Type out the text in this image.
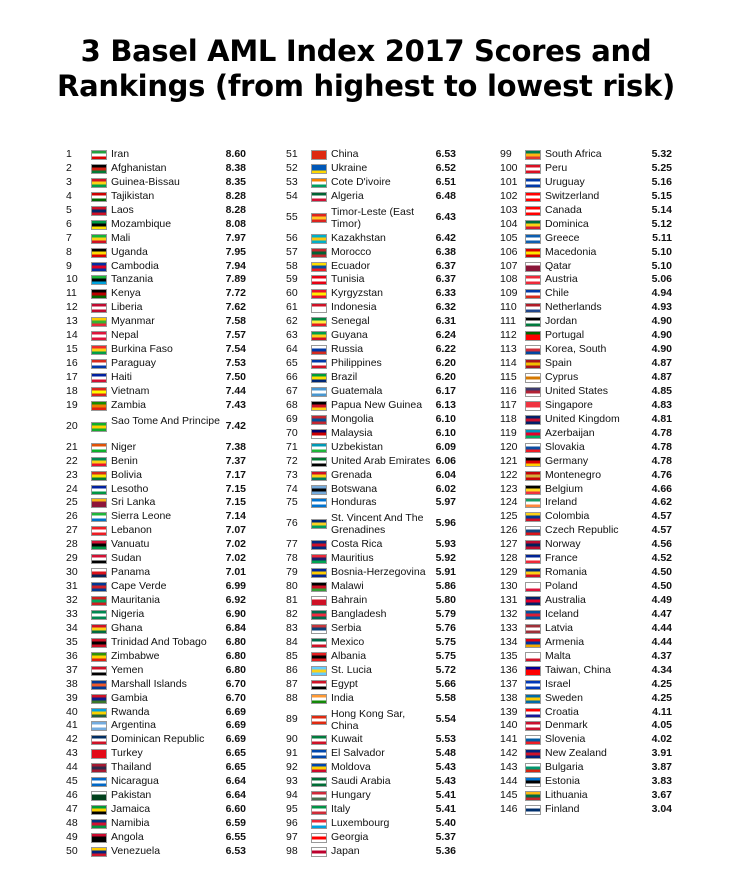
3 Basel AML Index 2017 Scores and
Rankings (from highest to lowest risk)
1	Iran	8.60
2	Afghanistan	8.38
3	Guinea-Bissau	8.35
4	Tajikistan	8.28
5	Laos	8.28
6	Mozambique	8.08
7	Mali	7.97
8	Uganda	7.95
9	Cambodia	7.94
10	Tanzania	7.89
11	Kenya	7.72
12	Liberia	7.62
13	Myanmar	7.58
14	Nepal	7.57
15	Burkina Faso	7.54
16	Paraguay	7.53
17	Haiti	7.50
18	Vietnam	7.44
19	Zambia	7.43
20	Sao Tome And Principe 7.42
21	Niger	7.38
22	Benin	7.37
23	Bolivia	7.17
24	Lesotho	7.15
25	Sri Lanka	7.15
26	Sierra Leone	7.14
27	Lebanon	7.07
28	Vanuatu	7.02
29	Sudan	7.02
30	Panama	7.01
31	Cape Verde	6.99
32	Mauritania	6.92
33	Nigeria	6.90
34	Ghana	6.84
35	Trinidad And Tobago	6.80
36	Zimbabwe	6.80
37	Yemen	6.80
38	Marshall Islands	6.70
39	Gambia	6.70
40	Rwanda	6.69
41	Argentina	6.69
42	Dominican Republic	6.69
43	Turkey	6.65
44	Thailand	6.65
45	Nicaragua	6.64
46	Pakistan	6.64
47	Jamaica	6.60
48	Namibia	6.59
49	Angola	6.55
50	Venezuela	6.53
51	China	6.53
52	Ukraine	6.52
53	Cote D'ivoire	6.51
54	Algeria	6.48
55	Timor-Leste (East Timor)
6.43
56	Kazakhstan	6.42
57	Morocco	6.38
58	Ecuador	6.37
59	Tunisia	6.37
60	Kyrgyzstan	6.33
61	Indonesia	6.32
62	Senegal	6.31
63	Guyana	6.24
64	Russia	6.22
65	Philippines	6.20
66	Brazil	6.20
67	Guatemala	6.17
68	Papua New Guinea	6.13
69	Mongolia	6.10
70	Malaysia	6.10
71	Uzbekistan	6.09
72	United Arab Emirates 6.06
73	Grenada	6.04
74	Botswana	6.02
75	Honduras	5.97
76	St. Vincent And The Grenadines
5.96
77	Costa Rica	5.93
78	Mauritius	5.92
79	Bosnia-Herzegovina 5.91
80	Malawi	5.86
81	Bahrain	5.80
82	Bangladesh	5.79
83	Serbia	5.76
84	Mexico	5.75
85	Albania	5.75
86	St. Lucia	5.72
87	Egypt	5.66
88	India	5.58
89	Hong Kong Sar, China
5.54
90	Kuwait	5.53
91	El Salvador	5.48
92	Moldova	5.43
93	Saudi Arabia	5.43
94	Hungary	5.41
95	Italy	5.41
96	Luxembourg	5.40
97	Georgia	5.37
98	Japan	5.36
99	South Africa	5.32
100	Peru	5.25
101	Uruguay	5.16
102	Switzerland	5.15
103	Canada	5.14
104	Dominica	5.12
105	Greece	5.11
106	Macedonia	5.10
107	Qatar	5.10
108	Austria	5.06
109	Chile	4.94
110	Netherlands	4.93
111	Jordan	4.90
112	Portugal	4.90
113	Korea, South	4.90
114	Spain	4.87
115	Cyprus	4.87
116	United States	4.85
117	Singapore	4.83
118	United Kingdom	4.81
119	Azerbaijan	4.78
120	Slovakia	4.78
121	Germany	4.78
122	Montenegro	4.76
123	Belgium	4.66
124	Ireland	4.62
125	Colombia	4.57
126	Czech Republic	4.57
127	Norway	4.56
128	France	4.52
129	Romania	4.50
130	Poland	4.50
131	Australia	4.49
132	Iceland	4.47
133	Latvia	4.44
134	Armenia	4.44
135	Malta	4.37
136	Taiwan, China	4.34
137	Israel	4.25
138	Sweden	4.25
139	Croatia	4.11
140	Denmark	4.05
141	Slovenia	4.02
142	New Zealand	3.91
143	Bulgaria	3.87
144	Estonia	3.83
145	Lithuania	3.67
146	Finland	3.04
